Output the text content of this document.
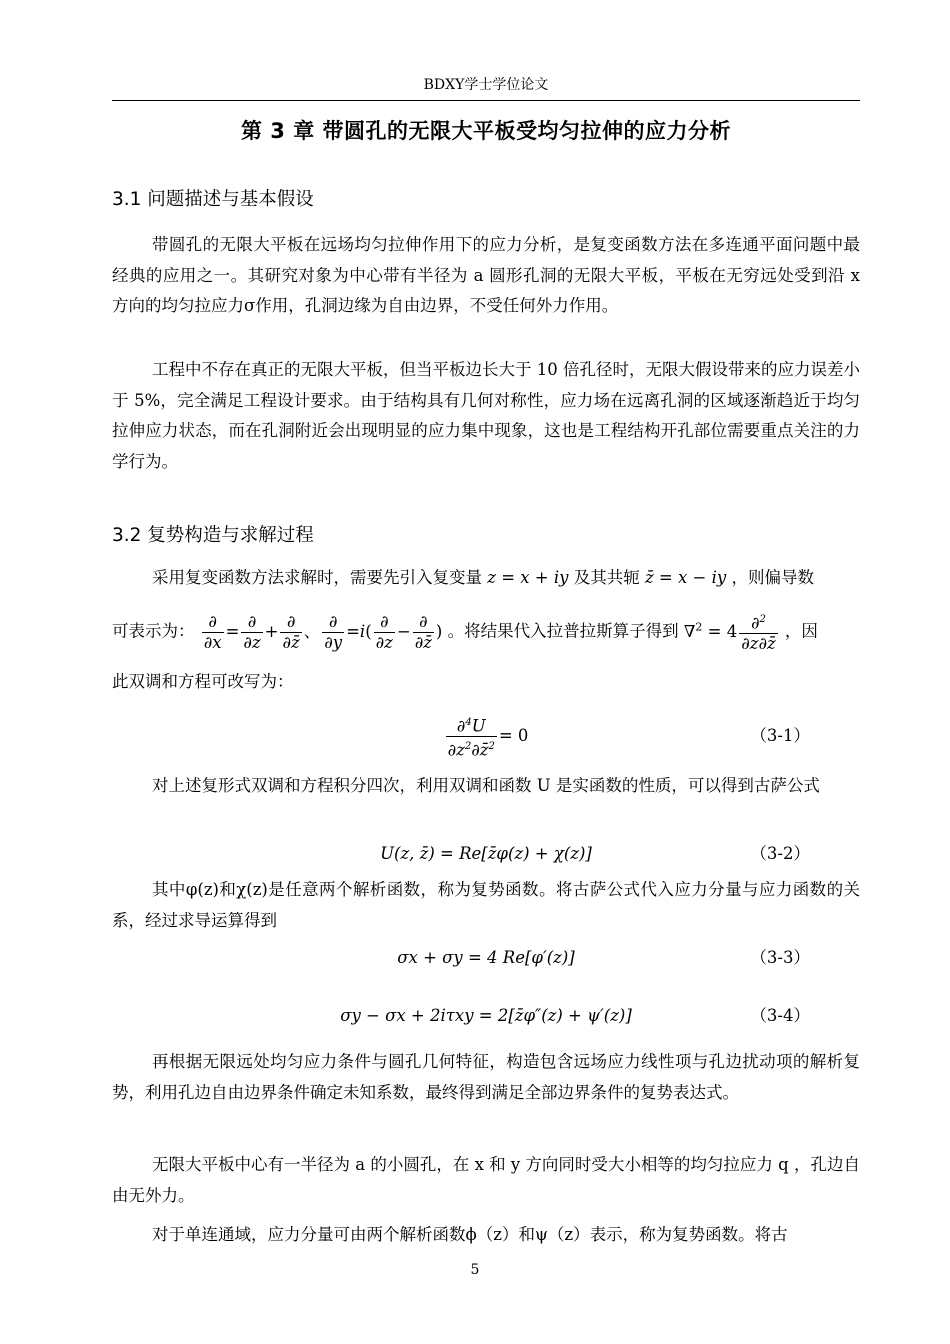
BDXY学士学位论文
第 3 章 带圆孔的无限大平板受均匀拉伸的应力分析
3.1 问题描述与基本假设

带圆孔的无限大平板在远场均匀拉伸作用下的应力分析，是复变函数方法在多连通平面问题中最经典的应用之一。其研究对象为中心带有半径为 a 圆形孔洞的无限大平板，平板在无穷远处受到沿 x 方向的均匀拉应力σ作用，孔洞边缘为自由边界，不受任何外力作用。

工程中不存在真正的无限大平板，但当平板边长大于 10 倍孔径时，无限大假设带来的应力误差小于 5%，完全满足工程设计要求。由于结构具有几何对称性，应力场在远离孔洞的区域逐渐趋近于均匀拉伸应力状态，而在孔洞附近会出现明显的应力集中现象，这也是工程结构开孔部位需要重点关注的力学行为。

3.2 复势构造与求解过程
采用复变函数方法求解时，需要先引入复变量 z = x + iy 及其共轭 z̄ = x − iy ，则偏导数
可表示为： $\frac{\partial}{\partial x} = \frac{\partial}{\partial z} + \frac{\partial}{\partial z̄}$ 、 $\frac{\partial}{\partial y} =i( \frac{\partial}{\partial z} - \frac{\partial}{\partial z̄}$ ) 。将结果代入拉普拉斯算子得到 $\nabla^2 = 4 \frac{\partial^2}{\partial z\partial z̄}$ ，因
此双调和方程可改写为：
$\frac{\partial^4U}{\partial z^2\partial z̄^2} = 0$	（3-1）

对上述复形式双调和方程积分四次，利用双调和函数 U 是实函数的性质，可以得到古萨公式

U(z, z̄) = Re[z̄φ(z) + χ(z)]	（3-2）

其中φ(z)和χ(z)是任意两个解析函数，称为复势函数。将古萨公式代入应力分量与应力函数的关系，经过求导运算得到

σx + σy = 4 Re[φ′(z)]	（3-3）
σy − σx + 2iτxy = 2[z̄φ″(z) + ψ′(z)]	（3-4）

再根据无限远处均匀应力条件与圆孔几何特征，构造包含远场应力线性项与孔边扰动项的解析复势，利用孔边自由边界条件确定未知系数，最终得到满足全部边界条件的复势表达式。

无限大平板中心有一半径为 a 的小圆孔，在 x 和 y 方向同时受大小相等的均匀拉应力 q ，孔边自由无外力。

对于单连通域，应力分量可由两个解析函数ϕ（z）和ψ（z）表示，称为复势函数。将古

5
